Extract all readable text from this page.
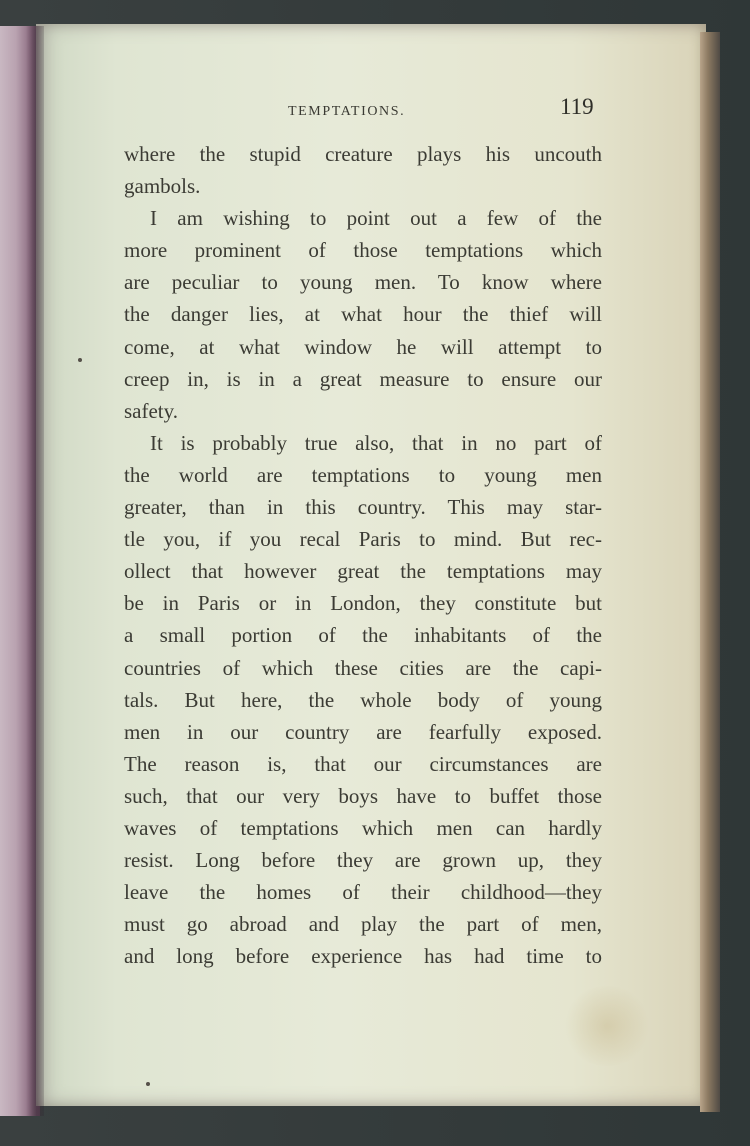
TEMPTATIONS.	119
where the stupid creature plays his uncouth
gambols.
I am wishing to point out a few of the
more prominent of those temptations which
are peculiar to young men. To know where
the danger lies, at what hour the thief will
come, at what window he will attempt to
creep in, is in a great measure to ensure our
safety.
It is probably true also, that in no part of
the world are temptations to young men
greater, than in this country. This may star-
tle you, if you recal Paris to mind. But rec-
ollect that however great the temptations may
be in Paris or in London, they constitute but
a small portion of the inhabitants of the
countries of which these cities are the capi-
tals. But here, the whole body of young
men in our country are fearfully exposed.
The reason is, that our circumstances are
such, that our very boys have to buffet those
waves of temptations which men can hardly
resist. Long before they are grown up, they
leave the homes of their childhood—they
must go abroad and play the part of men,
and long before experience has had time to
